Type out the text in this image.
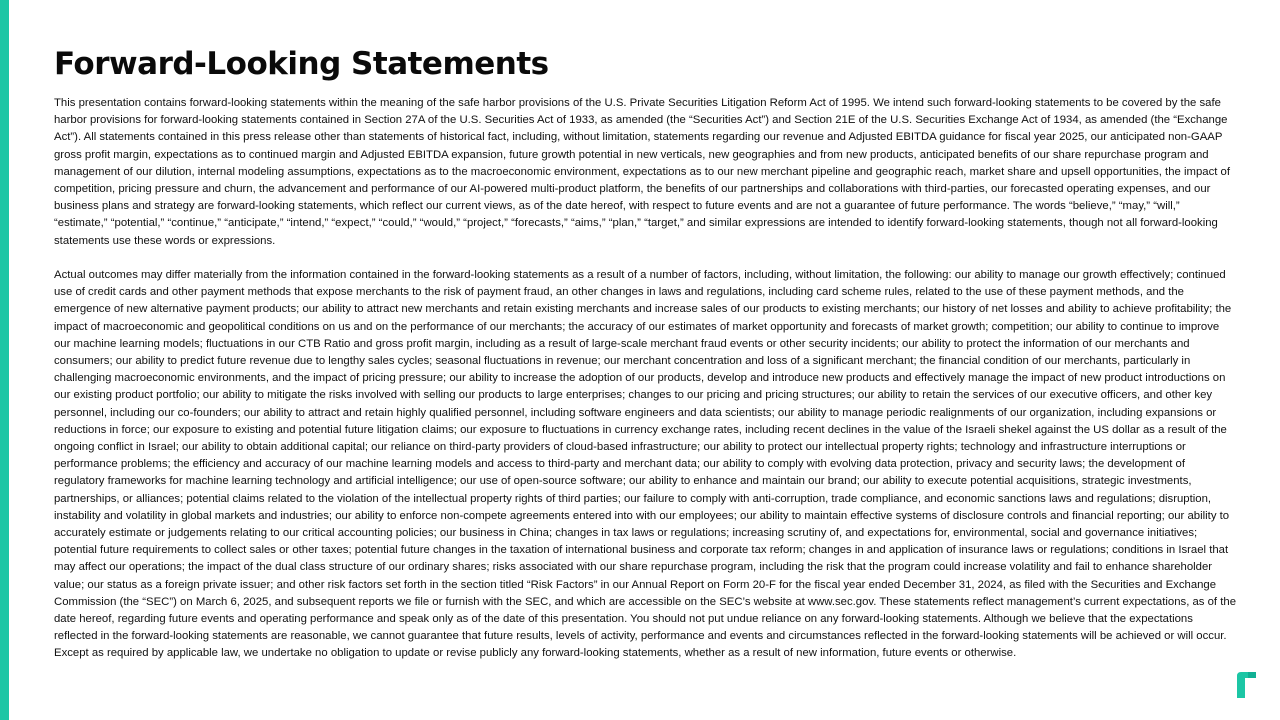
Forward-Looking Statements

This presentation contains forward-looking statements within the meaning of the safe harbor provisions of the U.S. Private Securities Litigation Reform Act of 1995. We intend such forward-looking statements to be covered by the safe harbor provisions for forward-looking statements contained in Section 27A of the U.S. Securities Act of 1933, as amended (the “Securities Act”) and Section 21E of the U.S. Securities Exchange Act of 1934, as amended (the “Exchange Act”). All statements contained in this press release other than statements of historical fact, including, without limitation, statements regarding our revenue and Adjusted EBITDA guidance for fiscal year 2025, our anticipated non-GAAP gross profit margin, expectations as to continued margin and Adjusted EBITDA expansion, future growth potential in new verticals, new geographies and from new products, anticipated benefits of our share repurchase program and management of our dilution, internal modeling assumptions, expectations as to the macroeconomic environment, expectations as to our new merchant pipeline and geographic reach, market share and upsell opportunities, the impact of competition, pricing pressure and churn, the advancement and performance of our AI-powered multi-product platform, the benefits of our partnerships and collaborations with third-parties, our forecasted operating expenses, and our business plans and strategy are forward-looking statements, which reflect our current views, as of the date hereof, with respect to future events and are not a guarantee of future performance. The words “believe,” “may,” “will,” “estimate,” “potential,” “continue,” “anticipate,” “intend,” “expect,” “could,” “would,” “project,” “forecasts,” “aims,” “plan,” “target,” and similar expressions are intended to identify forward-looking statements, though not all forward-looking statements use these words or expressions.

Actual outcomes may differ materially from the information contained in the forward-looking statements as a result of a number of factors, including, without limitation, the following: our ability to manage our growth effectively; continued use of credit cards and other payment methods that expose merchants to the risk of payment fraud, an other changes in laws and regulations, including card scheme rules, related to the use of these payment methods, and the emergence of new alternative payment products; our ability to attract new merchants and retain existing merchants and increase sales of our products to existing merchants; our history of net losses and ability to achieve profitability; the impact of macroeconomic and geopolitical conditions on us and on the performance of our merchants; the accuracy of our estimates of market opportunity and forecasts of market growth; competition; our ability to continue to improve our machine learning models; fluctuations in our CTB Ratio and gross profit margin, including as a result of large-scale merchant fraud events or other security incidents; our ability to protect the information of our merchants and consumers; our ability to predict future revenue due to lengthy sales cycles; seasonal fluctuations in revenue; our merchant concentration and loss of a significant merchant; the financial condition of our merchants, particularly in challenging macroeconomic environments, and the impact of pricing pressure; our ability to increase the adoption of our products, develop and introduce new products and effectively manage the impact of new product introductions on our existing product portfolio; our ability to mitigate the risks involved with selling our products to large enterprises; changes to our pricing and pricing structures; our ability to retain the services of our executive officers, and other key personnel, including our co-founders; our ability to attract and retain highly qualified personnel, including software engineers and data scientists; our ability to manage periodic realignments of our organization, including expansions or reductions in force; our exposure to existing and potential future litigation claims; our exposure to fluctuations in currency exchange rates, including recent declines in the value of the Israeli shekel against the US dollar as a result of the ongoing conflict in Israel; our ability to obtain additional capital; our reliance on third-party providers of cloud-based infrastructure; our ability to protect our intellectual property rights; technology and infrastructure interruptions or performance problems; the efficiency and accuracy of our machine learning models and access to third-party and merchant data; our ability to comply with evolving data protection, privacy and security laws; the development of regulatory frameworks for machine learning technology and artificial intelligence; our use of open-source software; our ability to enhance and maintain our brand; our ability to execute potential acquisitions, strategic investments, partnerships, or alliances; potential claims related to the violation of the intellectual property rights of third parties; our failure to comply with anti-corruption, trade compliance, and economic sanctions laws and regulations; disruption, instability and volatility in global markets and industries; our ability to enforce non-compete agreements entered into with our employees; our ability to maintain effective systems of disclosure controls and financial reporting; our ability to accurately estimate or judgements relating to our critical accounting policies; our business in China; changes in tax laws or regulations; increasing scrutiny of, and expectations for, environmental, social and governance initiatives; potential future requirements to collect sales or other taxes; potential future changes in the taxation of international business and corporate tax reform; changes in and application of insurance laws or regulations; conditions in Israel that may affect our operations; the impact of the dual class structure of our ordinary shares; risks associated with our share repurchase program, including the risk that the program could increase volatility and fail to enhance shareholder value; our status as a foreign private issuer; and other risk factors set forth in the section titled “Risk Factors” in our Annual Report on Form 20-F for the fiscal year ended December 31, 2024, as filed with the Securities and Exchange Commission (the “SEC”) on March 6, 2025, and subsequent reports we file or furnish with the SEC, and which are accessible on the SEC’s website at www.sec.gov. These statements reflect management’s current expectations, as of the date hereof, regarding future events and operating performance and speak only as of the date of this presentation. You should not put undue reliance on any forward-looking statements. Although we believe that the expectations reflected in the forward-looking statements are reasonable, we cannot guarantee that future results, levels of activity, performance and events and circumstances reflected in the forward-looking statements will be achieved or will occur. Except as required by applicable law, we undertake no obligation to update or revise publicly any forward-looking statements, whether as a result of new information, future events or otherwise.
